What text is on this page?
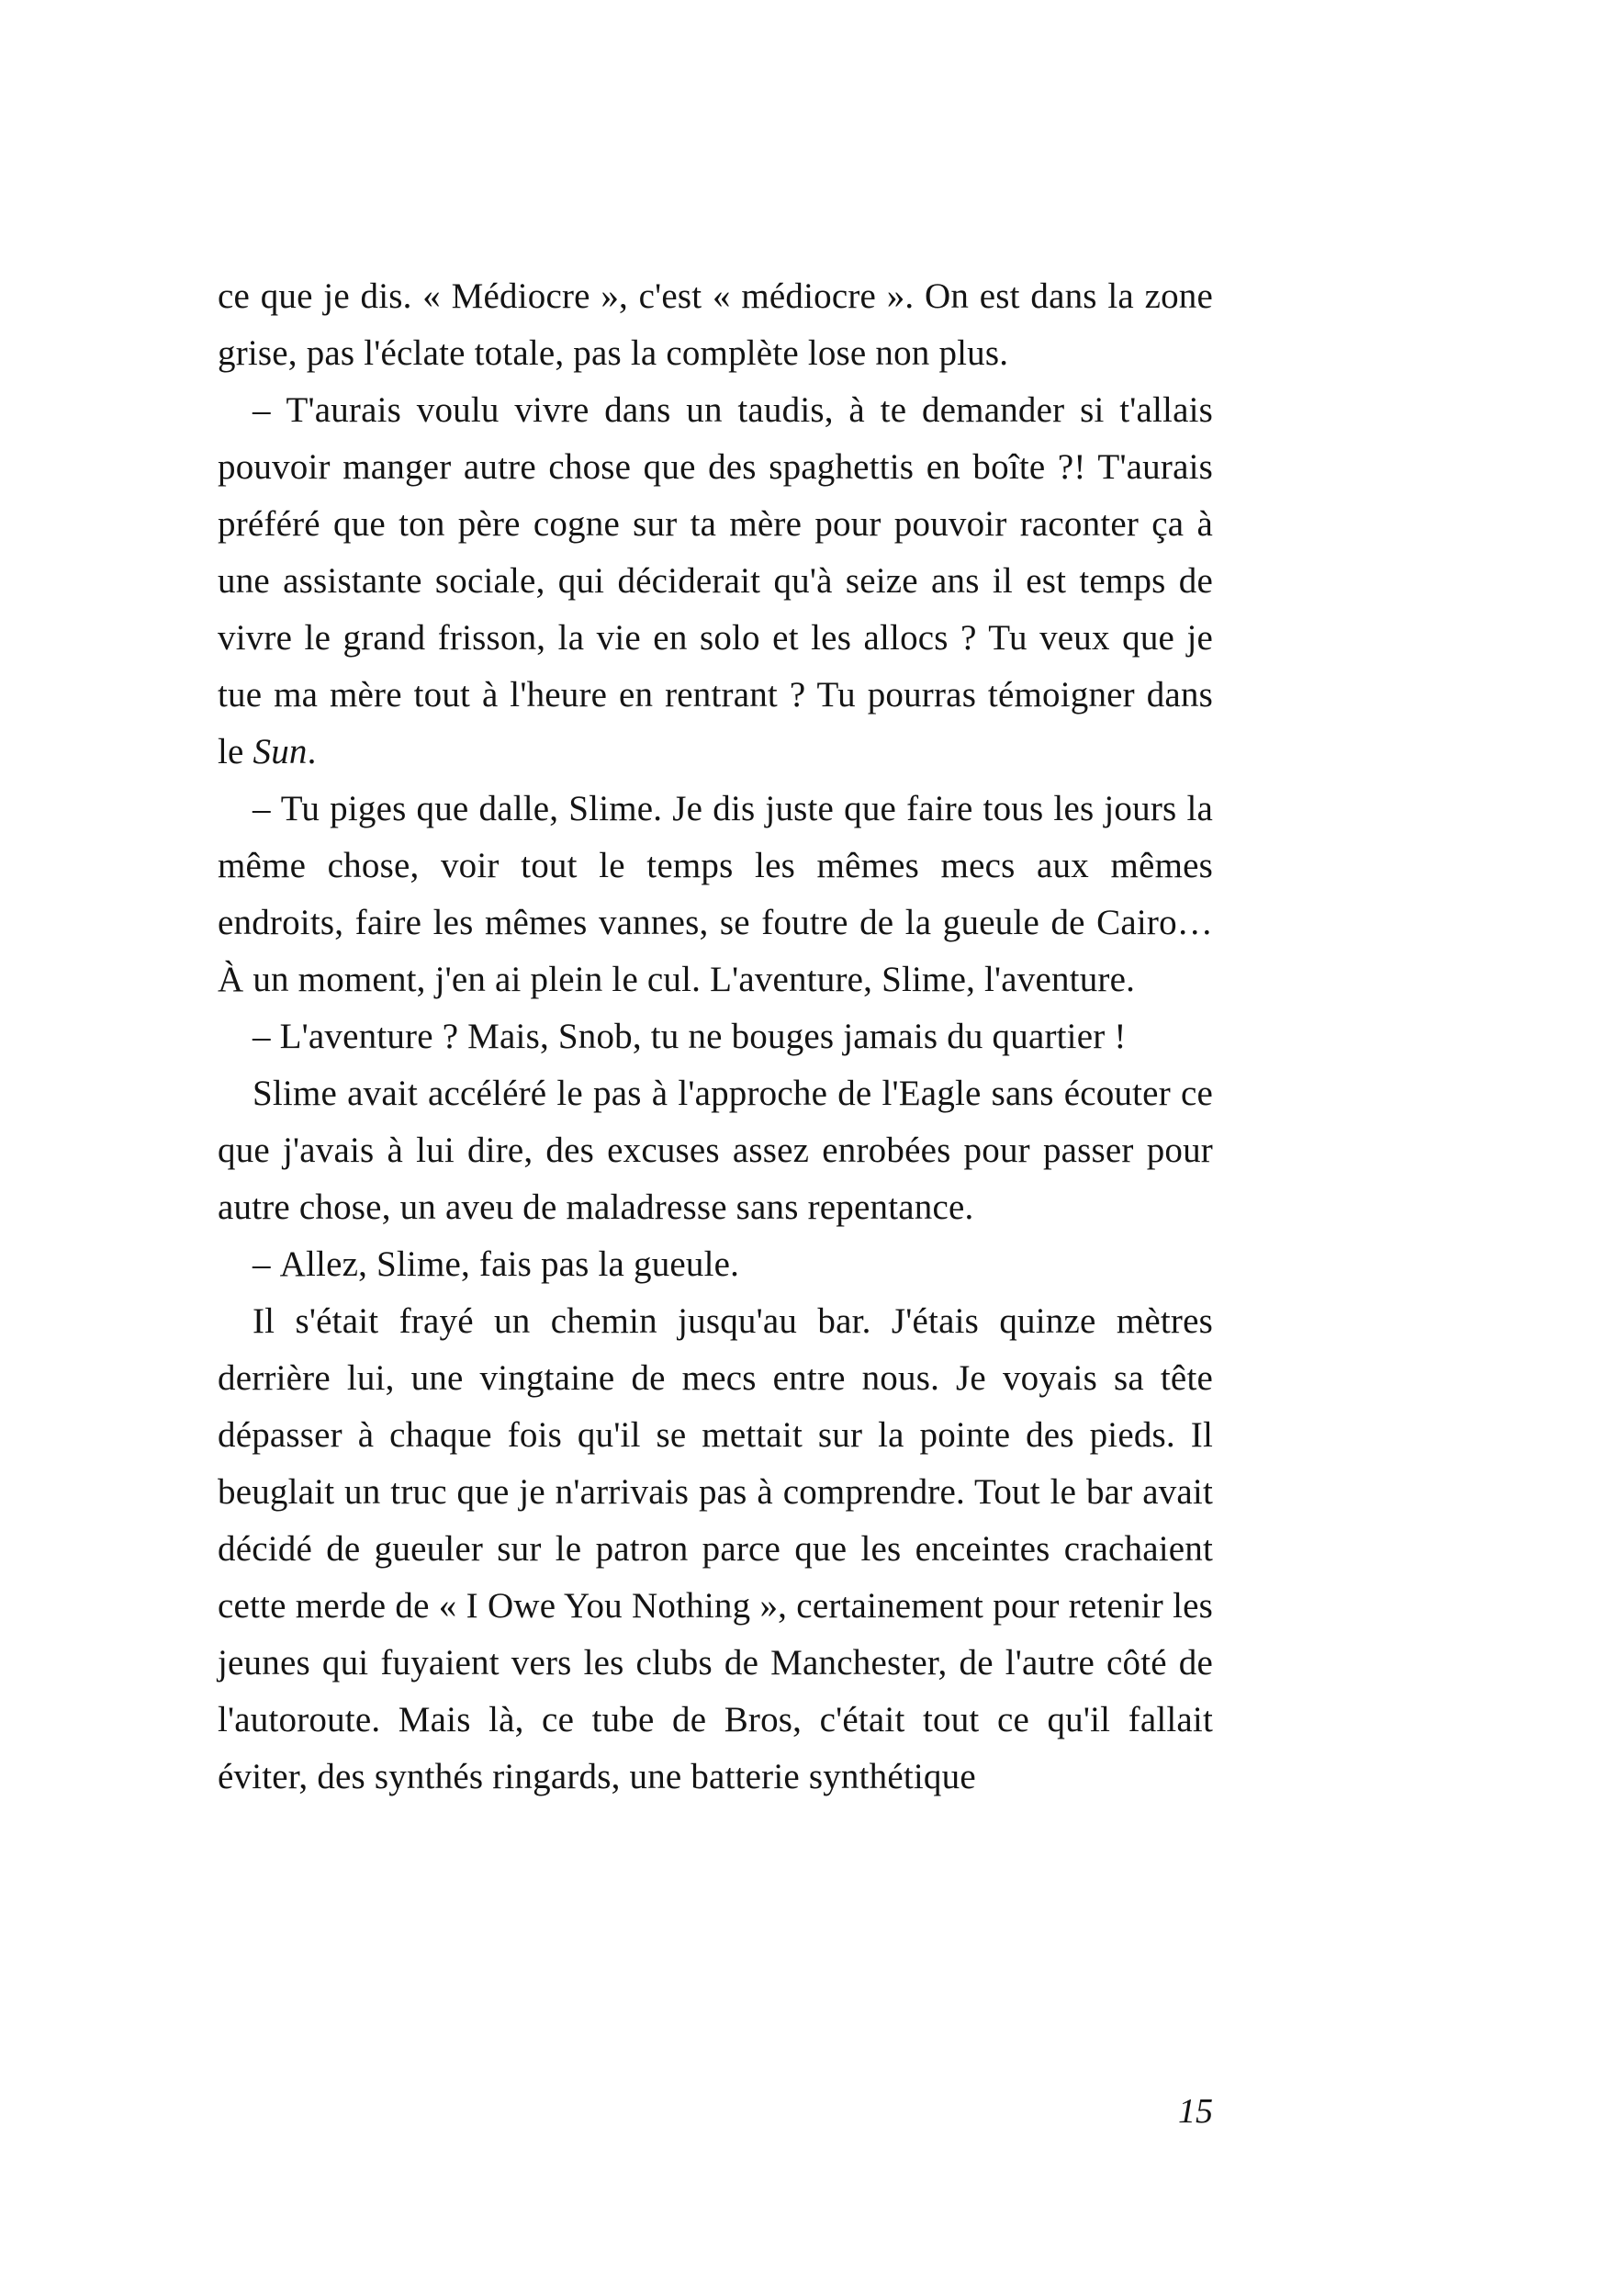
ce que je dis. « Médiocre », c'est « médiocre ». On est dans la zone grise, pas l'éclate totale, pas la complète lose non plus.

– T'aurais voulu vivre dans un taudis, à te demander si t'allais pouvoir manger autre chose que des spaghettis en boîte ?! T'aurais préféré que ton père cogne sur ta mère pour pouvoir raconter ça à une assistante sociale, qui déciderait qu'à seize ans il est temps de vivre le grand frisson, la vie en solo et les allocs ? Tu veux que je tue ma mère tout à l'heure en rentrant ? Tu pourras témoigner dans le Sun.

– Tu piges que dalle, Slime. Je dis juste que faire tous les jours la même chose, voir tout le temps les mêmes mecs aux mêmes endroits, faire les mêmes vannes, se foutre de la gueule de Cairo… À un moment, j'en ai plein le cul. L'aventure, Slime, l'aventure.

– L'aventure ? Mais, Snob, tu ne bouges jamais du quartier !

Slime avait accéléré le pas à l'approche de l'Eagle sans écouter ce que j'avais à lui dire, des excuses assez enrobées pour passer pour autre chose, un aveu de maladresse sans repentance.

– Allez, Slime, fais pas la gueule.

Il s'était frayé un chemin jusqu'au bar. J'étais quinze mètres derrière lui, une vingtaine de mecs entre nous. Je voyais sa tête dépasser à chaque fois qu'il se mettait sur la pointe des pieds. Il beuglait un truc que je n'arrivais pas à comprendre. Tout le bar avait décidé de gueuler sur le patron parce que les enceintes crachaient cette merde de « I Owe You Nothing », certainement pour retenir les jeunes qui fuyaient vers les clubs de Manchester, de l'autre côté de l'autoroute. Mais là, ce tube de Bros, c'était tout ce qu'il fallait éviter, des synthés ringards, une batterie synthétique

15
